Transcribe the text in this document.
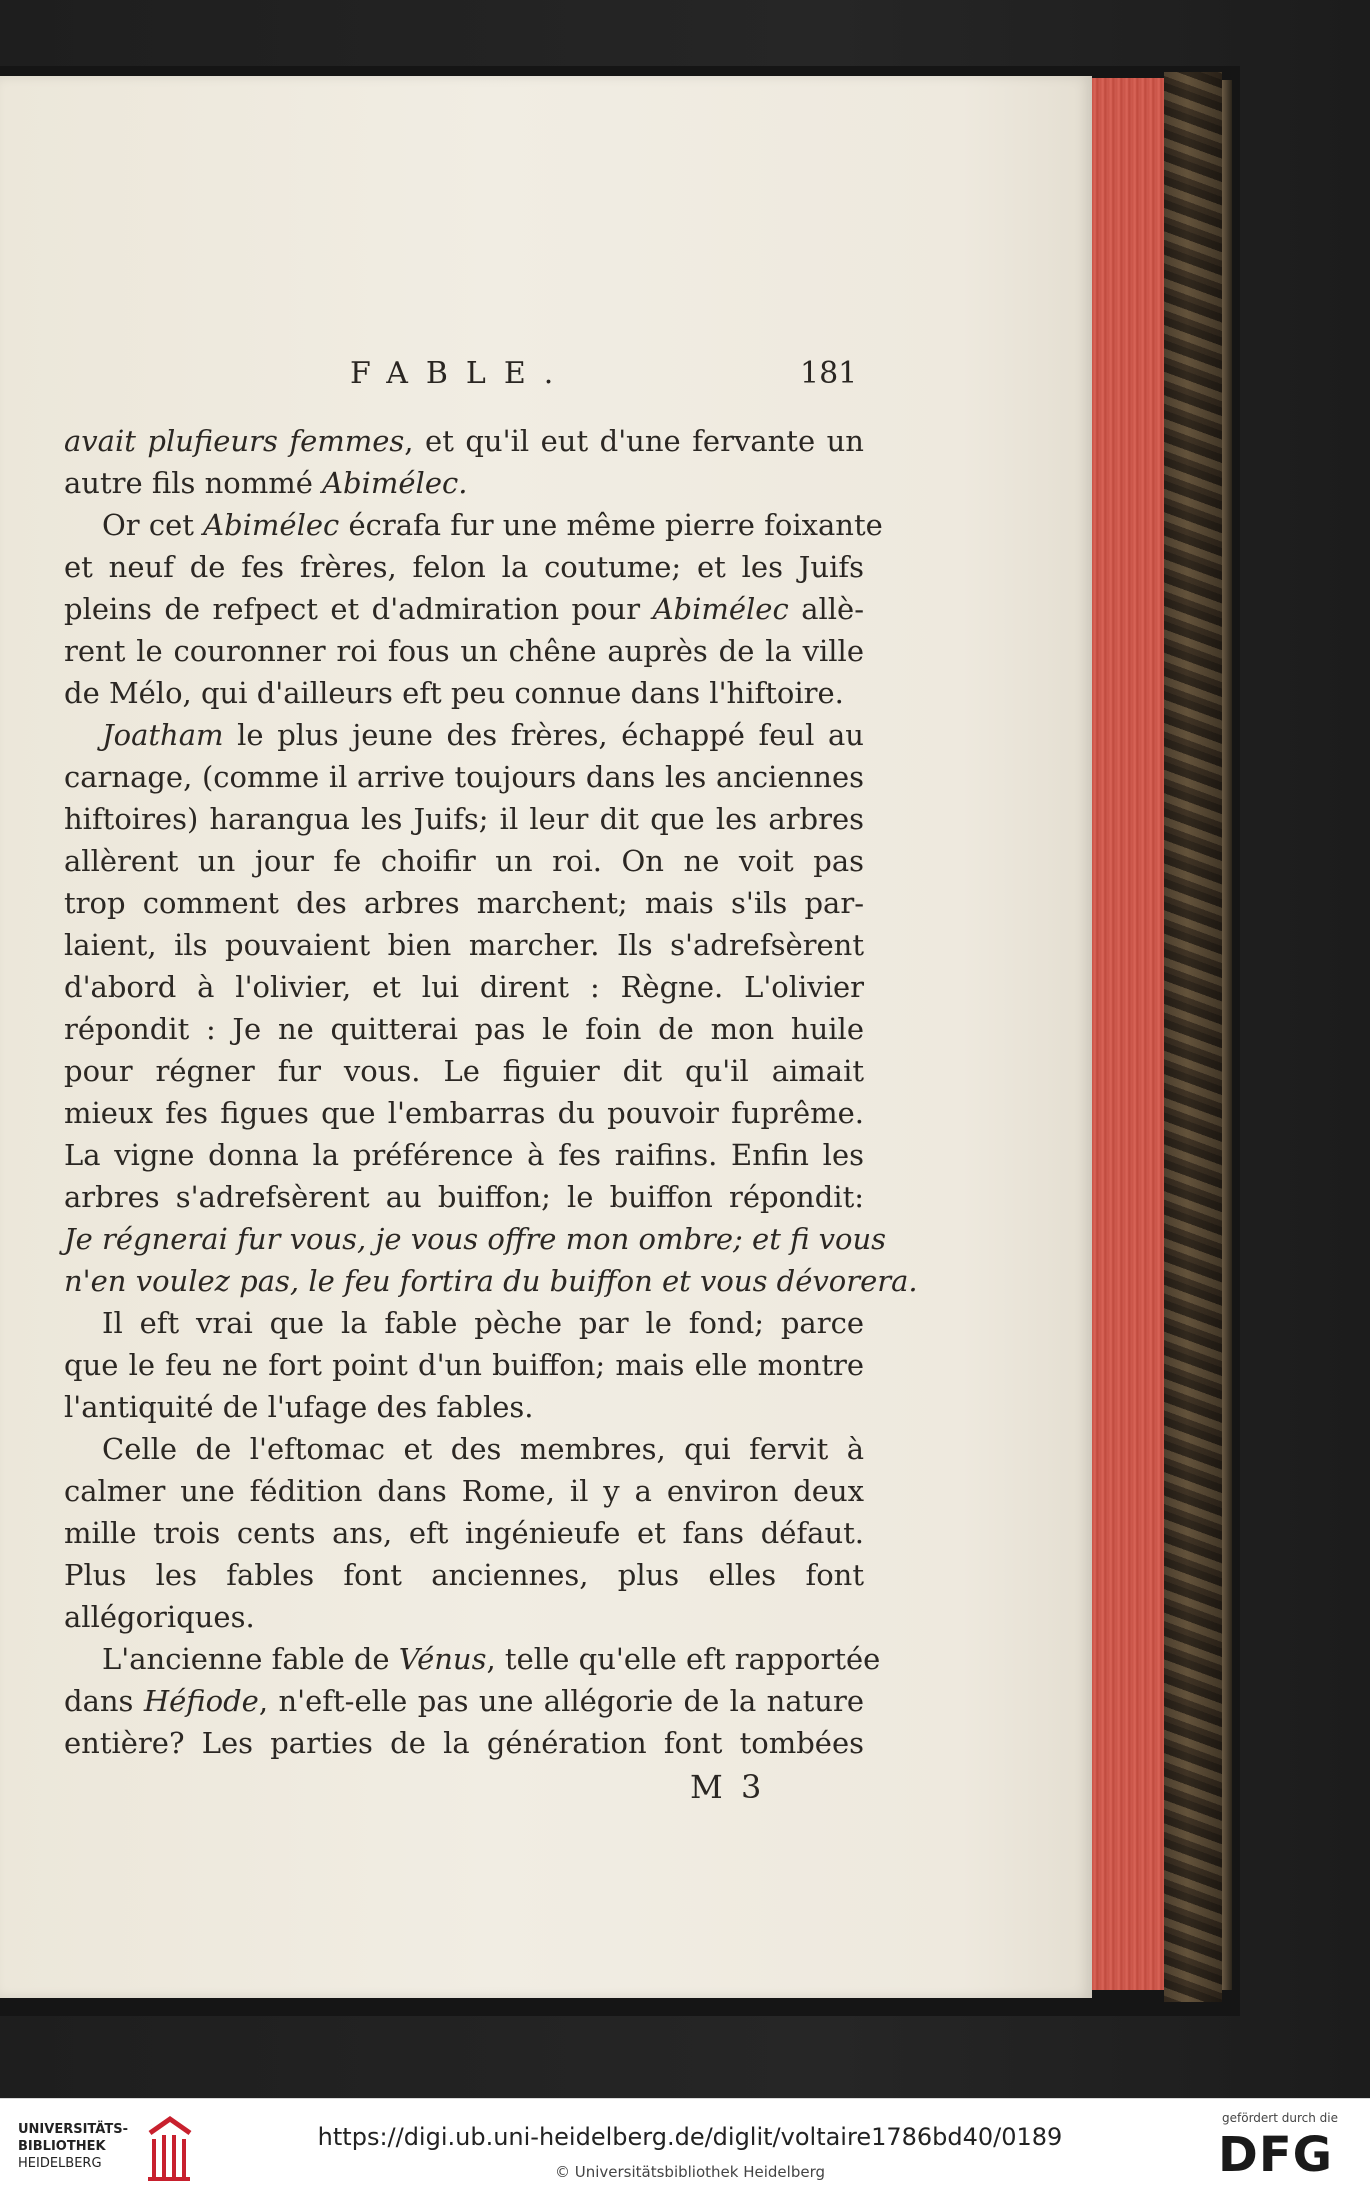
FABLE.	181
avait plufieurs femmes, et qu'il eut d'une fervante un
autre fils nommé Abimélec.
Or cet Abimélec écrafa fur une même pierre foixante
et neuf de fes frères, felon la coutume; et les Juifs
pleins de refpect et d'admiration pour Abimélec allè-
rent le couronner roi fous un chêne auprès de la ville
de Mélo, qui d'ailleurs eft peu connue dans l'hiftoire.
Joatham le plus jeune des frères, échappé feul au
carnage, (comme il arrive toujours dans les anciennes
hiftoires) harangua les Juifs; il leur dit que les arbres
allèrent un jour fe choifir un roi. On ne voit pas
trop comment des arbres marchent; mais s'ils par-
laient, ils pouvaient bien marcher. Ils s'adrefsèrent
d'abord à l'olivier, et lui dirent : Règne. L'olivier
répondit : Je ne quitterai pas le foin de mon huile
pour régner fur vous. Le figuier dit qu'il aimait
mieux fes figues que l'embarras du pouvoir fuprême.
La vigne donna la préférence à fes raifins. Enfin les
arbres s'adrefsèrent au buiffon; le buiffon répondit:
Je régnerai fur vous, je vous offre mon ombre; et fi vous
n'en voulez pas, le feu fortira du buiffon et vous dévorera.
Il eft vrai que la fable pèche par le fond; parce
que le feu ne fort point d'un buiffon; mais elle montre
l'antiquité de l'ufage des fables.
Celle de l'eftomac et des membres, qui fervit à
calmer une fédition dans Rome, il y a environ deux
mille trois cents ans, eft ingénieufe et fans défaut.
Plus les fables font anciennes, plus elles font
allégoriques.
L'ancienne fable de Vénus, telle qu'elle eft rapportée
dans Héfiode, n'eft-elle pas une allégorie de la nature
entière? Les parties de la génération font tombées
M 3
UNIVERSITÄTS-
BIBLIOTHEK
HEIDELBERG
https://digi.ub.uni-heidelberg.de/diglit/voltaire1786bd40/0189
© Universitätsbibliothek Heidelberg
gefördert durch die
DFG
